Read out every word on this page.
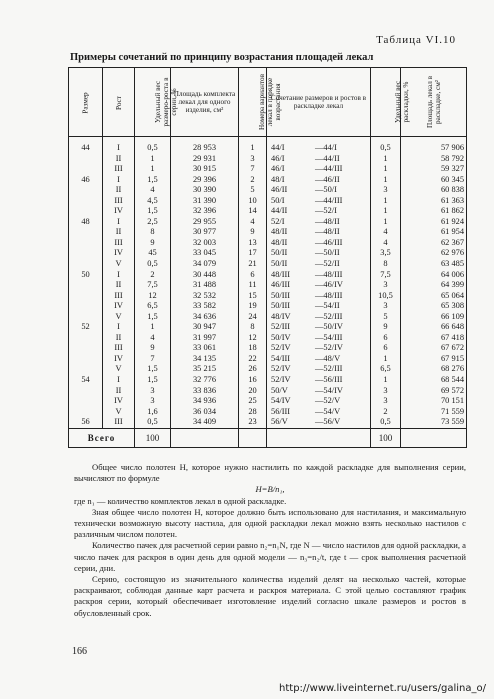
Таблица VI.10
Примеры сочетаний по принципу возрастания площадей лекал
Размер	Рост	Удельный вес размеро-роста в серии, %	Площадь комплекта лекал для одного изделия, см²	Номера вариантов лекал в порядке возрастания	Сочетание размеров и ростов в раскладке лекал	Удельный вес раскладки, %	Площадь лекал в раскладке, см²
44	I	0,5	28 953	1	44/I —44/I	0,5	57 906
	II	1	29 931	3	46/I —44/II	1	58 792
	III	1	30 915	7	46/I —44/III	1	59 327
46	I	1,5	29 396	2	48/I —46/II	1	60 345
	II	4	30 390	5	46/II —50/I	3	60 838
	III	4,5	31 390	10	50/I —44/III	1	61 363
	IV	1,5	32 396	14	44/II —52/I	1	61 862
48	I	2,5	29 955	4	52/I —48/II	1	61 924
	II	8	30 977	9	48/II —48/II	4	61 954
	III	9	32 003	13	48/II —46/III	4	62 367
	IV	45	33 045	17	50/II —50/II	3,5	62 976
	V	0,5	34 079	21	50/II —52/II	8	63 485
50	I	2	30 448	6	48/III —48/III	7,5	64 006
	II	7,5	31 488	11	46/III —46/IV	3	64 399
	III	12	32 532	15	50/III —48/III	10,5	65 064
	IV	6,5	33 582	19	50/III —54/II	3	65 308
	V	1,5	34 636	24	48/IV —52/III	5	66 109
52	I	1	30 947	8	52/III —50/IV	9	66 648
	II	4	31 997	12	50/IV —54/III	6	67 418
	III	9	33 061	18	52/IV —52/IV	6	67 672
	IV	7	34 135	22	54/III —48/V	1	67 915
	V	1,5	35 215	26	52/IV —52/III	6,5	68 276
54	I	1,5	32 776	16	52/IV —56/III	1	68 544
	II	3	33 836	20	50/V —54/IV	3	69 572
	IV	3	34 936	25	54/IV —52/V	3	70 151
	V	1,6	36 034	28	56/III —54/V	2	71 559
56	III	0,5	34 409	23	56/V —56/V	0,5	73 559
Всего		100				100	

Общее число полотен H, которое нужно настилить по каждой раскладке для выполнения серии, вычисляют по формуле

H=B/n₁,

где n₁ — количество комплектов лекал в одной раскладке.

Зная общее число полотен H, которое должно быть использовано для настилания, и максимальную технически возможную высоту настила, для одной раскладки лекал можно взять несколько настилов с различным числом полотен.

Количество пачек для расчетной серии равно n₂=n₁N, где N — число настилов для одной раскладки, а число пачек для раскроя в один день для одной модели — n₃=n₂/t, где t — срок выполнения расчетной серии, дни.

Серию, состоящую из значительного количества изделий делят на несколько частей, которые раскраивают, соблюдая данные карт расчета и раскроя материала. С этой целью составляют график раскроя серии, который обеспечивает изготовление изделий согласно шкале размеров и ростов в обусловленный срок.

166
http://www.liveinternet.ru/users/galina_o/
